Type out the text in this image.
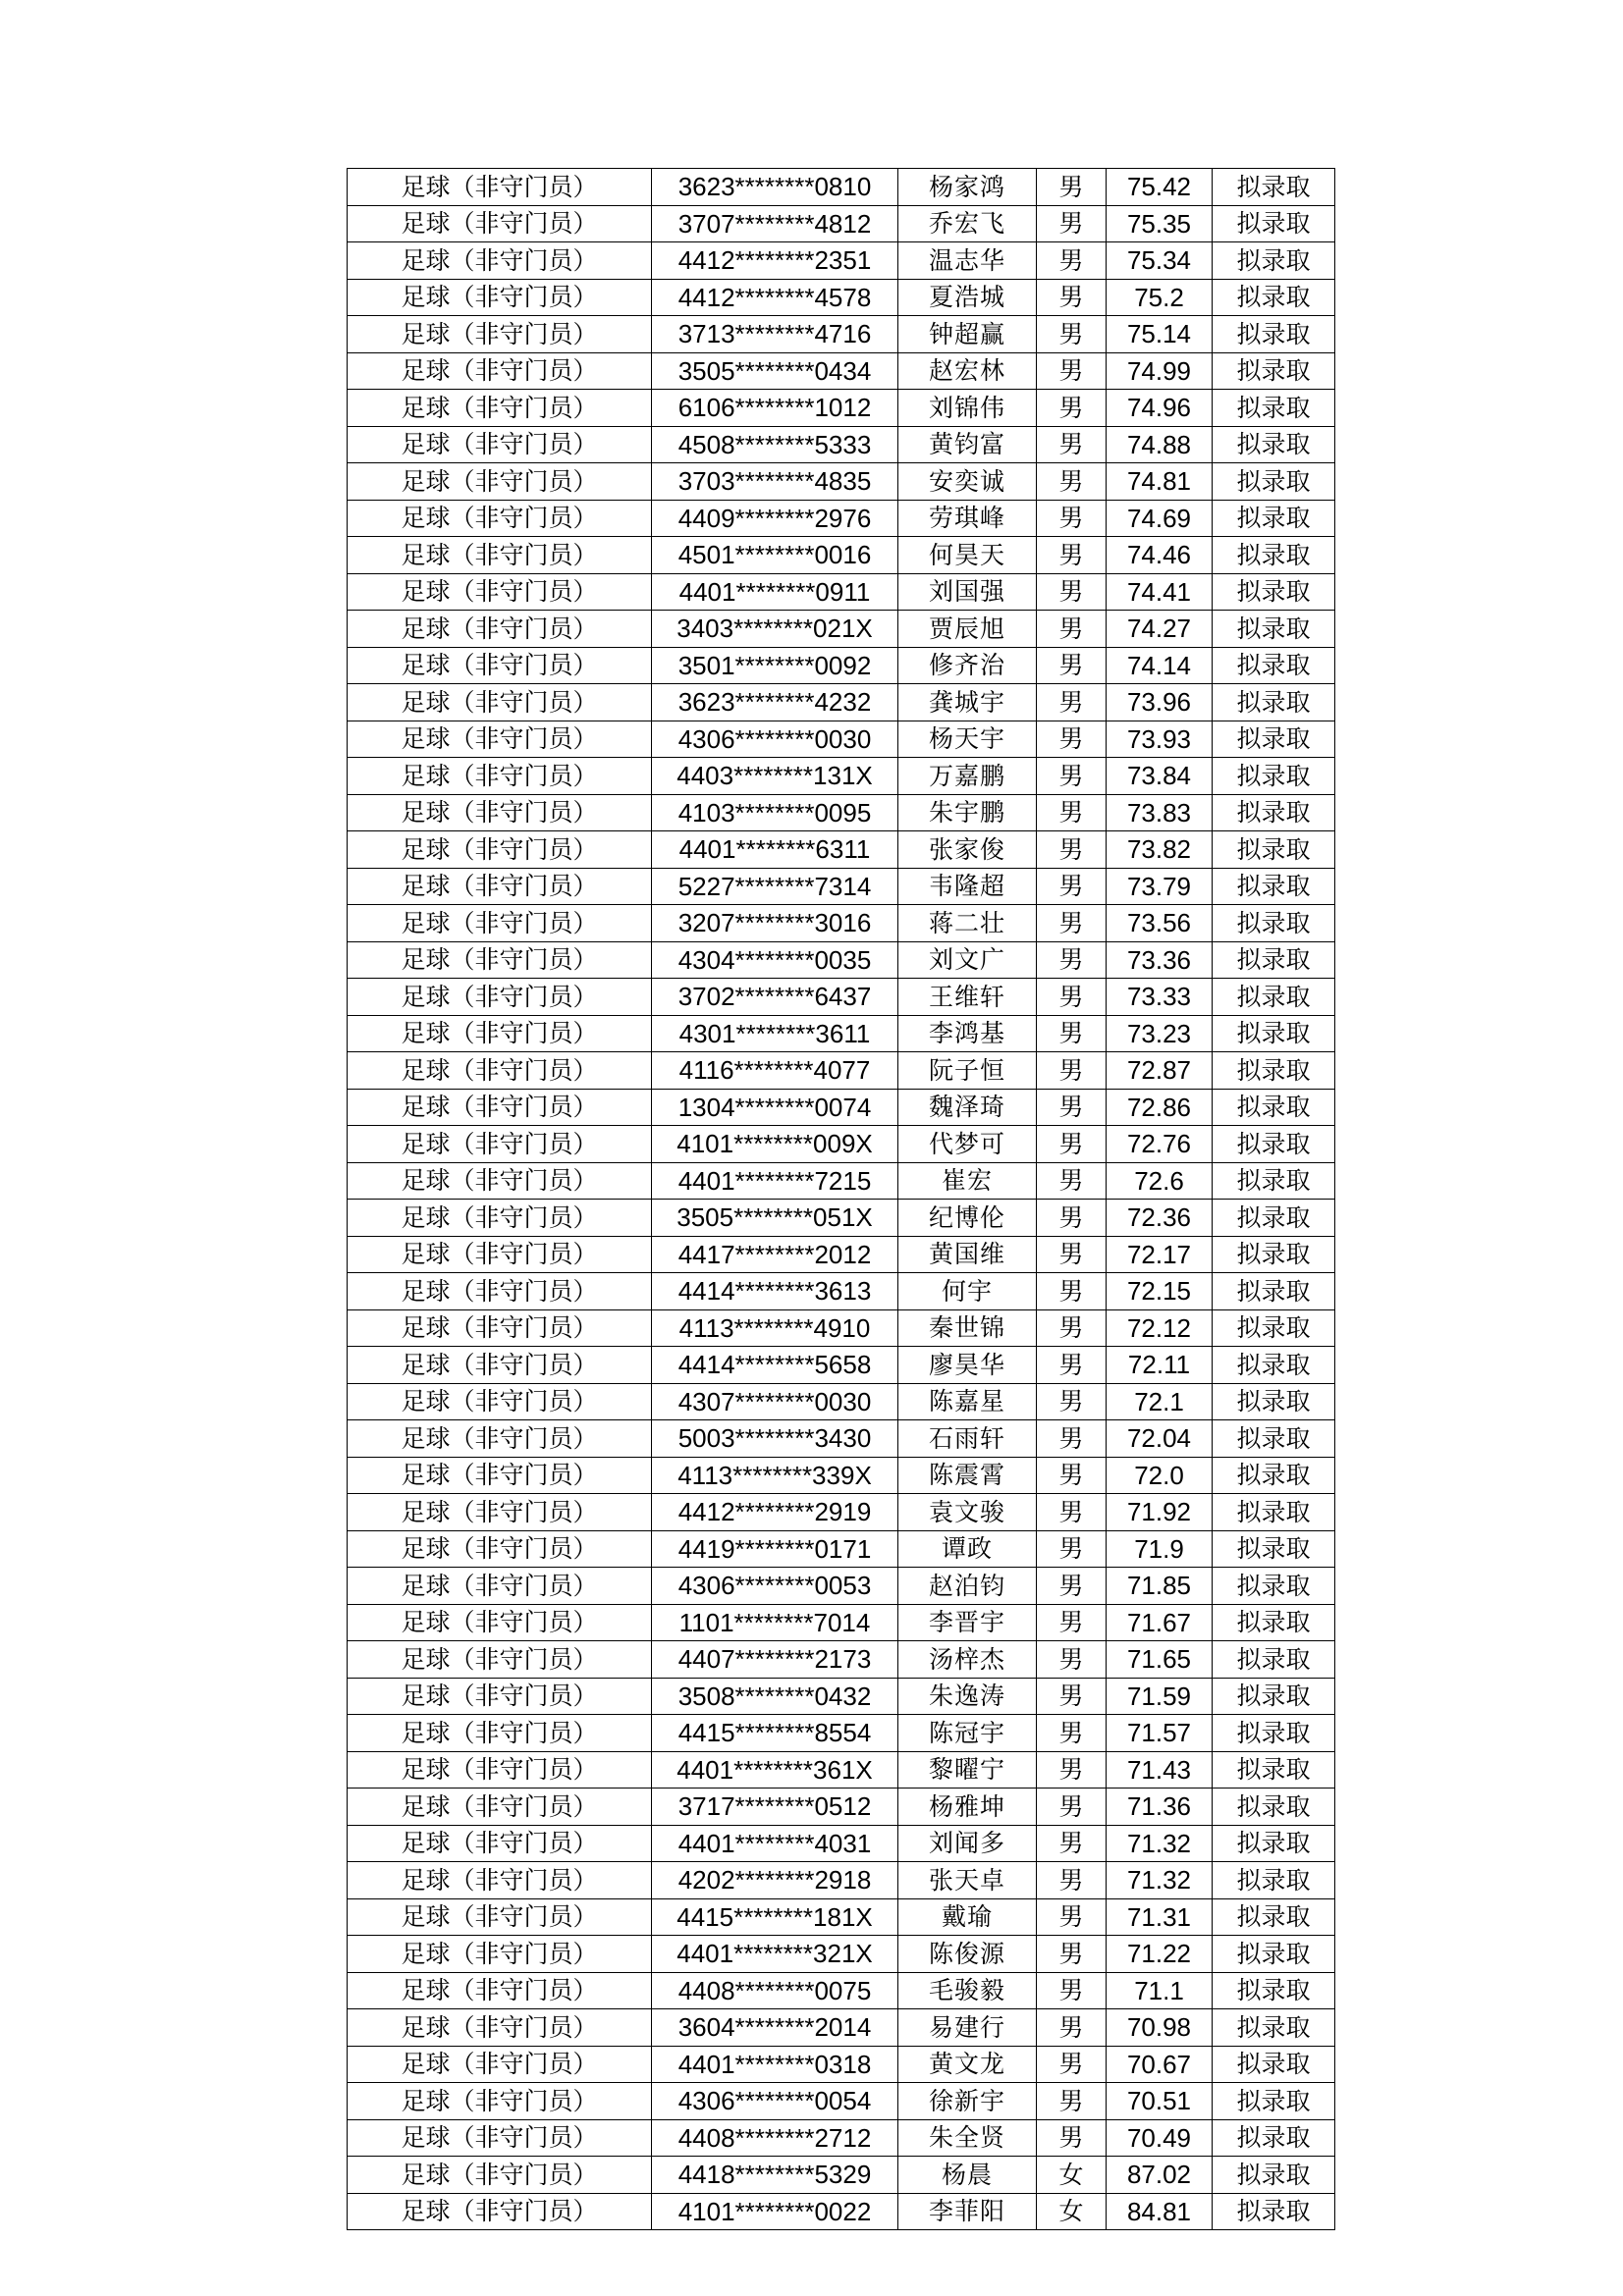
足球（非守门员）	3623********0810	杨家鸿	男	75.42	拟录取
足球（非守门员）	3707********4812	乔宏飞	男	75.35	拟录取
足球（非守门员）	4412********2351	温志华	男	75.34	拟录取
足球（非守门员）	4412********4578	夏浩城	男	75.2	拟录取
足球（非守门员）	3713********4716	钟超赢	男	75.14	拟录取
足球（非守门员）	3505********0434	赵宏林	男	74.99	拟录取
足球（非守门员）	6106********1012	刘锦伟	男	74.96	拟录取
足球（非守门员）	4508********5333	黄钧富	男	74.88	拟录取
足球（非守门员）	3703********4835	安奕诚	男	74.81	拟录取
足球（非守门员）	4409********2976	劳琪峰	男	74.69	拟录取
足球（非守门员）	4501********0016	何昊天	男	74.46	拟录取
足球（非守门员）	4401********0911	刘国强	男	74.41	拟录取
足球（非守门员）	3403********021X	贾辰旭	男	74.27	拟录取
足球（非守门员）	3501********0092	修齐治	男	74.14	拟录取
足球（非守门员）	3623********4232	龚城宇	男	73.96	拟录取
足球（非守门员）	4306********0030	杨天宇	男	73.93	拟录取
足球（非守门员）	4403********131X	万嘉鹏	男	73.84	拟录取
足球（非守门员）	4103********0095	朱宇鹏	男	73.83	拟录取
足球（非守门员）	4401********6311	张家俊	男	73.82	拟录取
足球（非守门员）	5227********7314	韦隆超	男	73.79	拟录取
足球（非守门员）	3207********3016	蒋二壮	男	73.56	拟录取
足球（非守门员）	4304********0035	刘文广	男	73.36	拟录取
足球（非守门员）	3702********6437	王维轩	男	73.33	拟录取
足球（非守门员）	4301********3611	李鸿基	男	73.23	拟录取
足球（非守门员）	4116********4077	阮子恒	男	72.87	拟录取
足球（非守门员）	1304********0074	魏泽琦	男	72.86	拟录取
足球（非守门员）	4101********009X	代梦可	男	72.76	拟录取
足球（非守门员）	4401********7215	崔宏	男	72.6	拟录取
足球（非守门员）	3505********051X	纪博伦	男	72.36	拟录取
足球（非守门员）	4417********2012	黄国维	男	72.17	拟录取
足球（非守门员）	4414********3613	何宇	男	72.15	拟录取
足球（非守门员）	4113********4910	秦世锦	男	72.12	拟录取
足球（非守门员）	4414********5658	廖昊华	男	72.11	拟录取
足球（非守门员）	4307********0030	陈嘉星	男	72.1	拟录取
足球（非守门员）	5003********3430	石雨轩	男	72.04	拟录取
足球（非守门员）	4113********339X	陈震霄	男	72.0	拟录取
足球（非守门员）	4412********2919	袁文骏	男	71.92	拟录取
足球（非守门员）	4419********0171	谭政	男	71.9	拟录取
足球（非守门员）	4306********0053	赵泊钧	男	71.85	拟录取
足球（非守门员）	1101********7014	李晋宇	男	71.67	拟录取
足球（非守门员）	4407********2173	汤梓杰	男	71.65	拟录取
足球（非守门员）	3508********0432	朱逸涛	男	71.59	拟录取
足球（非守门员）	4415********8554	陈冠宇	男	71.57	拟录取
足球（非守门员）	4401********361X	黎曜宁	男	71.43	拟录取
足球（非守门员）	3717********0512	杨雅坤	男	71.36	拟录取
足球（非守门员）	4401********4031	刘闻多	男	71.32	拟录取
足球（非守门员）	4202********2918	张天卓	男	71.32	拟录取
足球（非守门员）	4415********181X	戴瑜	男	71.31	拟录取
足球（非守门员）	4401********321X	陈俊源	男	71.22	拟录取
足球（非守门员）	4408********0075	毛骏毅	男	71.1	拟录取
足球（非守门员）	3604********2014	易建行	男	70.98	拟录取
足球（非守门员）	4401********0318	黄文龙	男	70.67	拟录取
足球（非守门员）	4306********0054	徐新宇	男	70.51	拟录取
足球（非守门员）	4408********2712	朱全贤	男	70.49	拟录取
足球（非守门员）	4418********5329	杨晨	女	87.02	拟录取
足球（非守门员）	4101********0022	李菲阳	女	84.81	拟录取
